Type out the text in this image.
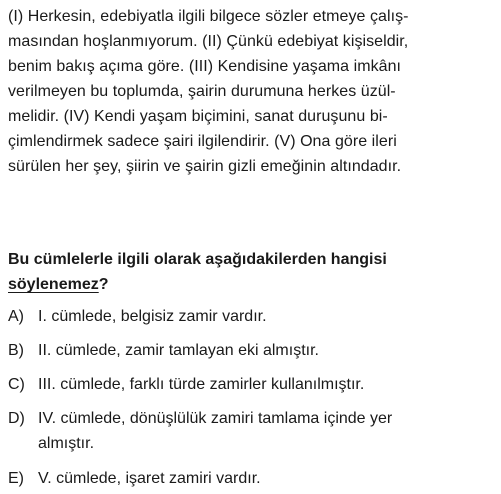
(I) Herkesin, edebiyatla ilgili bilgece sözler etmeye çalış-
masından hoşlanmıyorum. (II) Çünkü edebiyat kişiseldir,
benim bakış açıma göre. (III) Kendisine yaşama imkânı
verilmeyen bu toplumda, şairin durumuna herkes üzül-
melidir. (IV) Kendi yaşam biçimini, sanat duruşunu bi-
çimlendirmek sadece şairi ilgilendirir. (V) Ona göre ileri
sürülen her şey, şiirin ve şairin gizli emeğinin altındadır.
Bu cümlelerle ilgili olarak aşağıdakilerden hangisi
söylenemez?
A) I. cümlede, belgisiz zamir vardır.
B) II. cümlede, zamir tamlayan eki almıştır.
C) III. cümlede, farklı türde zamirler kullanılmıştır.
D) IV. cümlede, dönüşlülük zamiri tamlama içinde yer
almıştır.
E) V. cümlede, işaret zamiri vardır.
